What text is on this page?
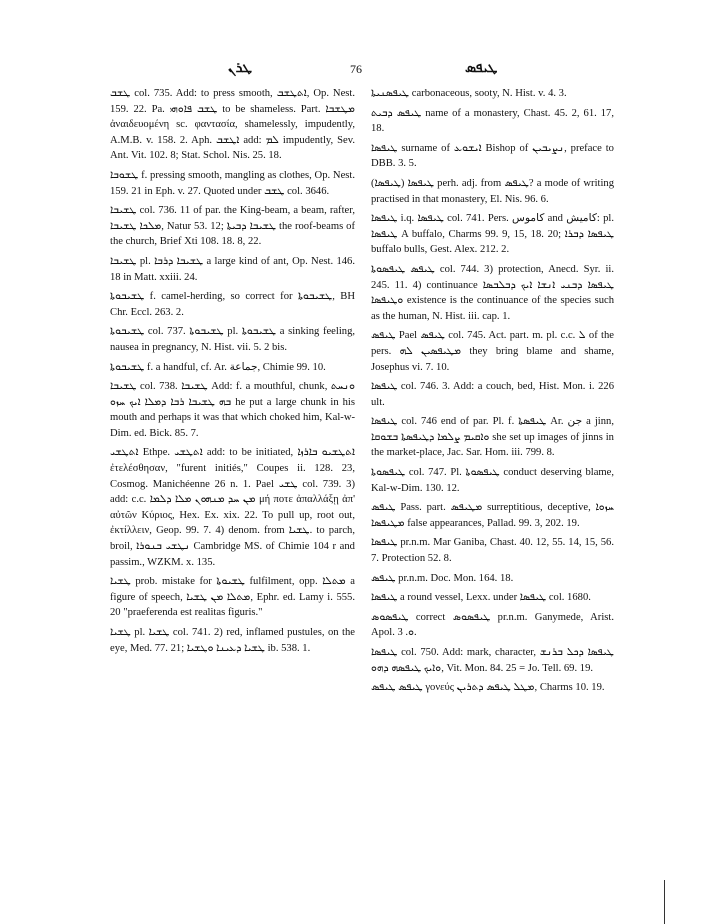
ܛܪܢ	76	ܛܝܦܣ

ܛܫܒ col. 735. Add: to press smooth, ܐܬܛܫܒ, Op. Nest. 159. 22. Pa. ܛܫܒ ܦܐܘܗܝ to be shameless. Part. ܡܛܫܒܐ ἀναιδευομένη sc. φαντασία, shamelessly, impudently, A.M.B. v. 158. 2. Aph. ܐܛܫܒ add: ܠܡ impudently, Sev. Ant. Vit. 102. 8; Stat. Schol. Nis. 25. 18.

ܛܫܘܒܐ f. pressing smooth, mangling as clothes, Op. Nest. 159. 21 in Eph. v. 27. Quoted under ܛܫܒ col. 3646.

ܛܫܝܒܐ col. 736. 11 of par. the King-beam, a beam, rafter, ܡܠܟܐ ܛܫܝܒܐ, Natur 53. 12; ܛܫܝܒܐ ܕܒܝܬܐ the roof-beams of the church, Brief Xti 108. 18. 8, 22.

ܛܫܝܒܐ pl. ܛܫܝܒܐ ܕܪܒܐ a large kind of ant, Op. Nest. 146. 18 in Matt. xxiii. 24.

ܛܫܝܒܘܬܐ f. camel-herding, so correct for ܛܫܝܒܘܬܐ, BH Chr. Eccl. 263. 2.

ܛܫܝܒܘܬܐ col. 737. ܛܫܝܒܘܬܐ pl. ܛܫܝܒܘܬܐ a sinking feeling, nausea in pregnancy, N. Hist. vii. 5. 2 bis.

ܛܫܝܒܘܬܐ f. a handful, cf. Ar. جماعة, Chimie 99. 10.

ܛܫܝܒܐ col. 738. ܛܫܝܒܐ Add: f. a mouthful, chunk, ܘܢܚܬ ܒܗ ܛܫܝܒܐ ܪܒܐ ܕܡܠܐ ܐܝܟ ܚܙܘ he put a large chunk in his mouth and perhaps it was that which choked him, Kal-w-Dim. ed. Bick. 85. 7.

ܐܬܛܫܝ Ethpe. ܐܬܛܫܝ add: to be initiated, ܐܬܛܫܝܘ ܒܐܪܙܐ ἐτελέσθησαν, "furent initiés," Coupes ii. 128. 23, Cosmog. Manichéenne 26 n. 1. Pael ܛܫܝ col. 739. 3) add: c.c. ܡܢ ܚܕ ܡܢܗܘܢ ܡܠܐ ܕܠܡܐ μή ποτε ἀπαλλάξῃ ἀπ' αὐτῶν Κύριος, Hex. Ex. xix. 22. To pull up, root out, ἐκτίλλειν, Geop. 99. 7. 4) denom. from ܛܫܝܐ. to parch, broil, ܢܛܫܝ ܒܢܘܪܐ Cambridge MS. of Chimie 104 r and passim., WZKM. x. 135.

ܛܫܝܐ prob. mistake for ܛܫܝܘܬܐ fulfilment, opp. ܡܬܠܐ a figure of speech, ܡܬܠܐ ܡܢ ܛܫܝܐ, Ephr. ed. Lamy i. 555. 20 "praeferenda est realitas figuris."

ܛܫܝܐ pl. ܛܫܝܐ col. 741. 2) red, inflamed pustules, on the eye, Med. 77. 21; ܛܫܝܐ ܕܥܝܢܐ ܘܛܫܝܐ ib. 538. 1.

ܛܝܦܣܢܝܬܐ carbonaceous, sooty, N. Hist. v. 4. 3.

ܛܝܦܣ ܕܒܝܬ name of a monastery, Chast. 45. 2, 61. 17, 18.

ܛܝܦܣܐ surname of ܐܝܫܘܥ Bishop of ܢܨܝܒܝܢ, preface to DBB. 3. 5.

ܛܝܦܣܐ (ܛܝܦܣܐ) perh. adj. from ܛܝܦܣ? a mode of writing practised in that monastery, El. Nis. 96. 6.

ܛܝܦܣܐ i.q. ܛܝܦܣܐ col. 741. Pers. كاموس and كاميش: pl. ܛܝܦܣܐ A buffalo, Charms 99. 9, 15, 18. 20; ܛܝܦܣܐ ܕܒܪܐ buffalo bulls, Gest. Alex. 212. 2.

ܛܝܦܣ ܛܝܦܣܘܬܐ col. 744. 3) protection, Anecd. Syr. ii. 245. 11. 4) continuance ܛܝܦܣܐ ܕܒܢܝ ܐܢܫܐ ܐܝܟ ܕܒܠܒܣܐ ܘܛܝܦܣܐ existence is the continuance of the species such as the human, N. Hist. iii. cap. 1.

ܛܝܦܣ Pael ܛܝܦܣ col. 745. Act. part. m. pl. c.c. ܠ of the pers. ܡܛܝܦܣܝܢ ܠܗ they bring blame and shame, Josephus vi. 7. 10.

ܛܝܦܣܐ col. 746. 3. Add: a couch, bed, Hist. Mon. i. 226 ult.

ܛܝܦܣܐ col. 746 end of par. Pl. f. ܛܝܦܣܬܐ Ar. جن a jinn, ܘܐܩܝܡ ܨܠܡܐ ܕܛܝܦܣܬܐ ܒܫܘܩܐ she set up images of jinns in the market-place, Jac. Sar. Hom. iii. 799. 8.

ܛܝܦܣܘܬܐ col. 747. Pl. ܛܝܦܣܘܬܐ conduct deserving blame, Kal-w-Dim. 130. 12.

ܛܝܦܣ Pass. part. ܡܛܝܦܣ surreptitious, deceptive, ܚܙܘܐ ܡܛܝܦܣܐ false appearances, Pallad. 99. 3, 202. 19.

ܛܝܦܣܐ pr.n.m. Mar Ganiba, Chast. 40. 12, 55. 14, 15, 56. 7. Protection 52. 8.

ܛܝܦܣ pr.n.m. Doc. Mon. 164. 18.

ܛܝܦܣܐ a round vessel, Lexx. under ܛܝܦܣܐ col. 1680.

ܛܝܦܣܘܣ correct ܛܝܦܣܘܣ pr.n.m. Ganymede, Arist. Apol. ܘ. 3.

ܛܝܦܣܐ col. 750. Add: mark, character, ܛܝܦܣܐ ܕܟܠ ܒܪܢܫ ܘܐܝܟ ܛܝܦܣܗ ܕܗܘ, Vit. Mon. 84. 25 = Jo. Tell. 69. 19.

ܛܝܦܣ ܛܝܦܣ γονεύς ܡܛܠ ܛܝܦܣ ܕܬܪܝܢ, Charms 10. 19.
